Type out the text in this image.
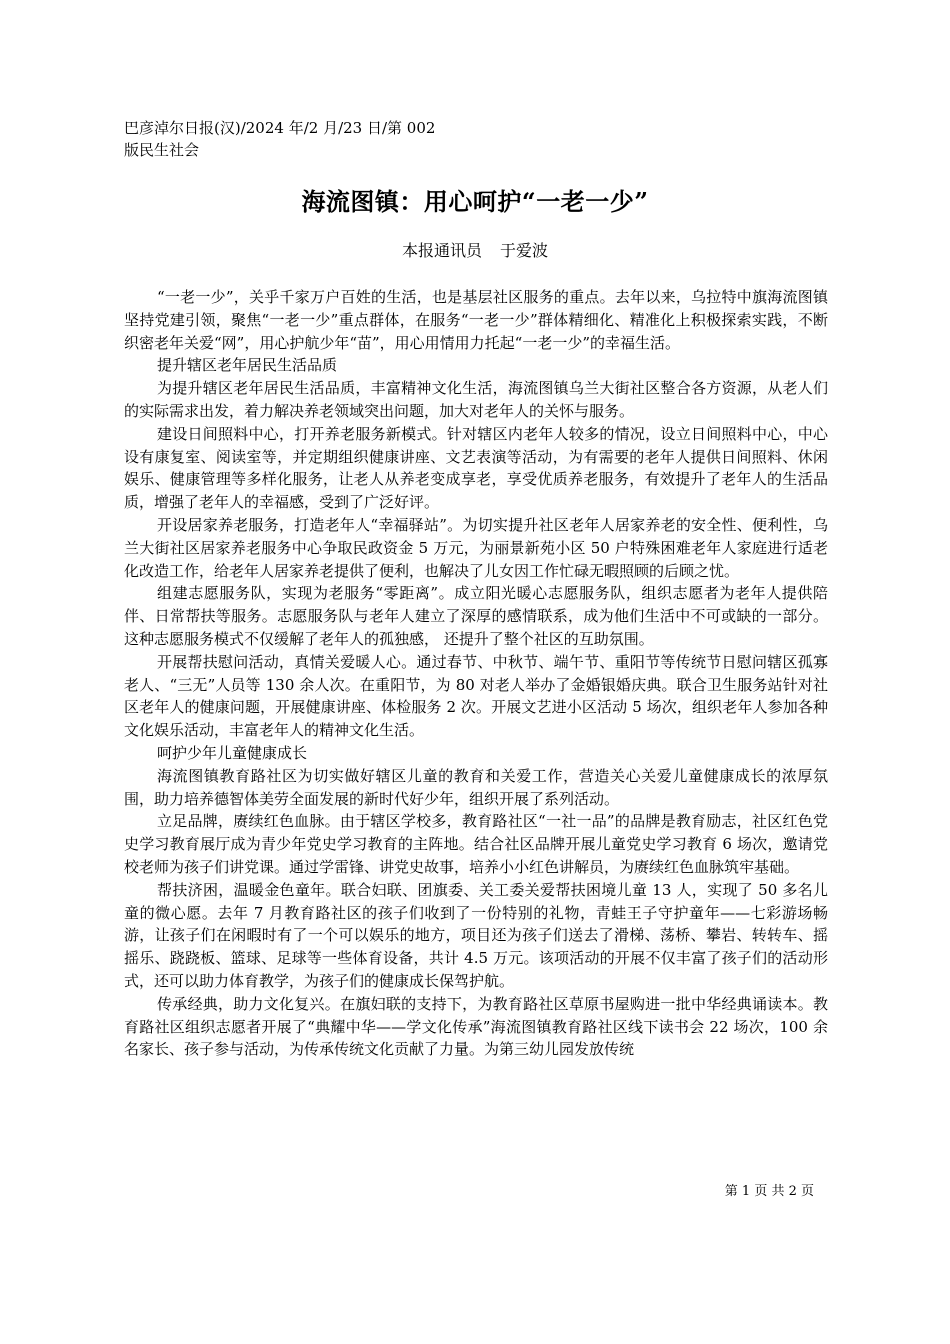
巴彦淖尔日报(汉)/2024 年/2 月/23 日/第 002
版民生社会
海流图镇：用心呵护“一老一少”
本报通讯员 于爱波

“一老一少”，关乎千家万户百姓的生活，也是基层社区服务的重点。去年以来，乌拉特中旗海流图镇坚持党建引领，聚焦“一老一少”重点群体，在服务“一老一少”群体精细化、精准化上积极探索实践，不断织密老年关爱“网”，用心护航少年“苗”，用心用情用力托起“一老一少”的幸福生活。

提升辖区老年居民生活品质

为提升辖区老年居民生活品质，丰富精神文化生活，海流图镇乌兰大街社区整合各方资源，从老人们的实际需求出发，着力解决养老领域突出问题，加大对老年人的关怀与服务。

建设日间照料中心，打开养老服务新模式。针对辖区内老年人较多的情况，设立日间照料中心，中心设有康复室、阅读室等，并定期组织健康讲座、文艺表演等活动，为有需要的老年人提供日间照料、休闲娱乐、健康管理等多样化服务，让老人从养老变成享老，享受优质养老服务，有效提升了老年人的生活品质，增强了老年人的幸福感，受到了广泛好评。

开设居家养老服务，打造老年人“幸福驿站”。为切实提升社区老年人居家养老的安全性、便利性，乌兰大街社区居家养老服务中心争取民政资金 5 万元，为丽景新苑小区 50 户特殊困难老年人家庭进行适老化改造工作，给老年人居家养老提供了便利，也解决了儿女因工作忙碌无暇照顾的后顾之忧。

组建志愿服务队，实现为老服务“零距离”。成立阳光暖心志愿服务队，组织志愿者为老年人提供陪伴、日常帮扶等服务。志愿服务队与老年人建立了深厚的感情联系，成为他们生活中不可或缺的一部分。 这种志愿服务模式不仅缓解了老年人的孤独感， 还提升了整个社区的互助氛围。

开展帮扶慰问活动，真情关爱暖人心。通过春节、中秋节、端午节、重阳节等传统节日慰问辖区孤寡老人、“三无”人员等 130 余人次。在重阳节，为 80 对老人举办了金婚银婚庆典。联合卫生服务站针对社区老年人的健康问题，开展健康讲座、体检服务 2 次。开展文艺进小区活动 5 场次，组织老年人参加各种文化娱乐活动，丰富老年人的精神文化生活。

呵护少年儿童健康成长

海流图镇教育路社区为切实做好辖区儿童的教育和关爱工作，营造关心关爱儿童健康成长的浓厚氛围，助力培养德智体美劳全面发展的新时代好少年，组织开展了系列活动。

立足品牌，赓续红色血脉。由于辖区学校多，教育路社区“一社一品”的品牌是教育励志，社区红色党史学习教育展厅成为青少年党史学习教育的主阵地。结合社区品牌开展儿童党史学习教育 6 场次，邀请党校老师为孩子们讲党课。通过学雷锋、讲党史故事，培养小小红色讲解员，为赓续红色血脉筑牢基础。

帮扶济困，温暖金色童年。联合妇联、团旗委、关工委关爱帮扶困境儿童 13 人，实现了 50 多名儿童的微心愿。去年 7 月教育路社区的孩子们收到了一份特别的礼物，青蛙王子守护童年——七彩游场畅游，让孩子们在闲暇时有了一个可以娱乐的地方，项目还为孩子们送去了滑梯、荡桥、攀岩、转转车、摇摇乐、跷跷板、篮球、足球等一些体育设备，共计 4.5 万元。该项活动的开展不仅丰富了孩子们的活动形式，还可以助力体育教学，为孩子们的健康成长保驾护航。

传承经典，助力文化复兴。在旗妇联的支持下，为教育路社区草原书屋购进一批中华经典诵读本。教育路社区组织志愿者开展了“典耀中华——学文化传承”海流图镇教育路社区线下读书会 22 场次，100 余名家长、孩子参与活动，为传承传统文化贡献了力量。为第三幼儿园发放传统

第 1 页 共 2 页
